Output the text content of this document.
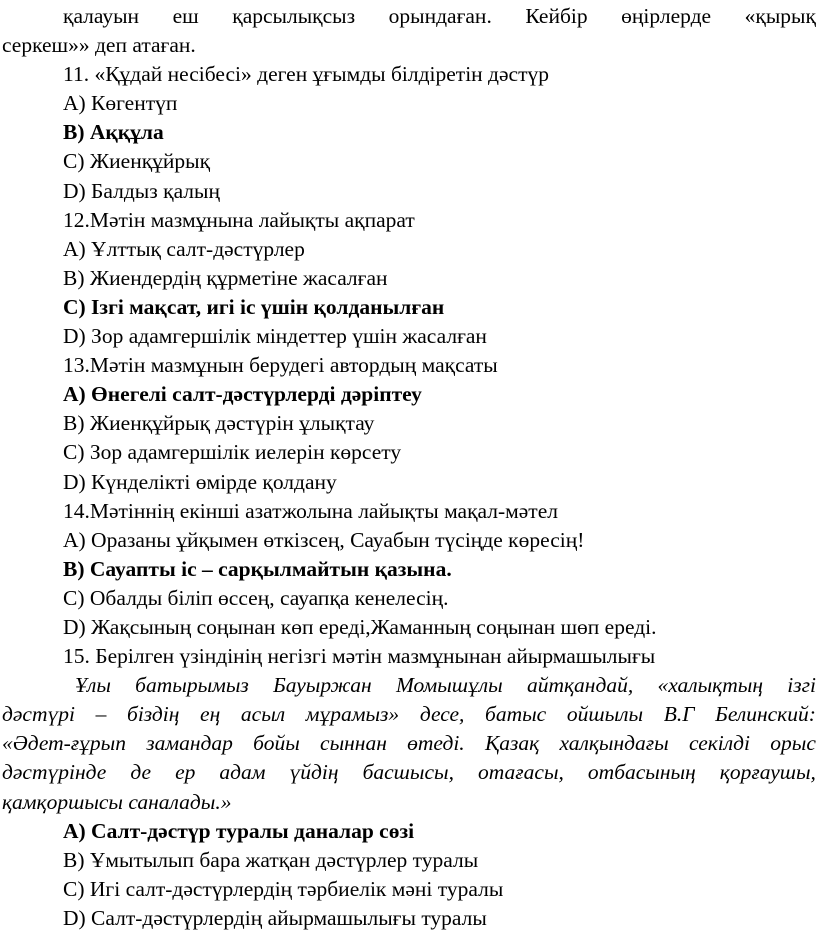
қалауын еш қарсылықсыз орындаған. Кейбір өңірлерде «қырық
серкеш»» деп атаған.
11. «Құдай несібесі» деген ұғымды білдіретін дәстүр
А) Көгентүп
В) Аққұла
С) Жиенқұйрық
D) Балдыз қалың
12.Мәтін мазмұнына лайықты ақпарат
А) Ұлттық салт-дәстүрлер
В) Жиендердің құрметіне жасалған
С) Ізгі мақсат, игі іс үшін қолданылған
D) Зор адамгершілік міндеттер үшін жасалған
13.Мәтін мазмұнын берудегі автордың мақсаты
А) Өнегелі салт-дәстүрлерді дәріптеу
В) Жиенқұйрық дәстүрін ұлықтау
С) Зор адамгершілік иелерін көрсету
D) Күнделікті өмірде қолдану
14.Мәтіннің екінші азатжолына лайықты мақал-мәтел
А) Оразаны ұйқымен өткізсең, Сауабын түсіңде көресің!
В) Сауапты іс – сарқылмайтын қазына.
С) Обалды біліп өссең, сауапқа кенелесің.
D) Жақсының соңынан көп ереді,Жаманның соңынан шөп ереді.
15. Берілген үзіндінің негізгі мәтін мазмұнынан айырмашылығы
Ұлы батырымыз Бауыржан Момышұлы айтқандай, «халықтың ізгі
дәстүрі – біздің ең асыл мұрамыз» десе, батыс ойшылы В.Г Белинский:
«Әдет-ғұрып замандар бойы сыннан өтеді. Қазақ халқындағы секілді орыс
дәстүрінде де ер адам үйдің басшысы, отағасы, отбасының қорғаушы,
қамқоршысы саналады.»
А) Салт-дәстүр туралы даналар сөзі
В) Ұмытылып бара жатқан дәстүрлер туралы
С) Игі салт-дәстүрлердің тәрбиелік мәні туралы
D) Салт-дәстүрлердің айырмашылығы туралы
